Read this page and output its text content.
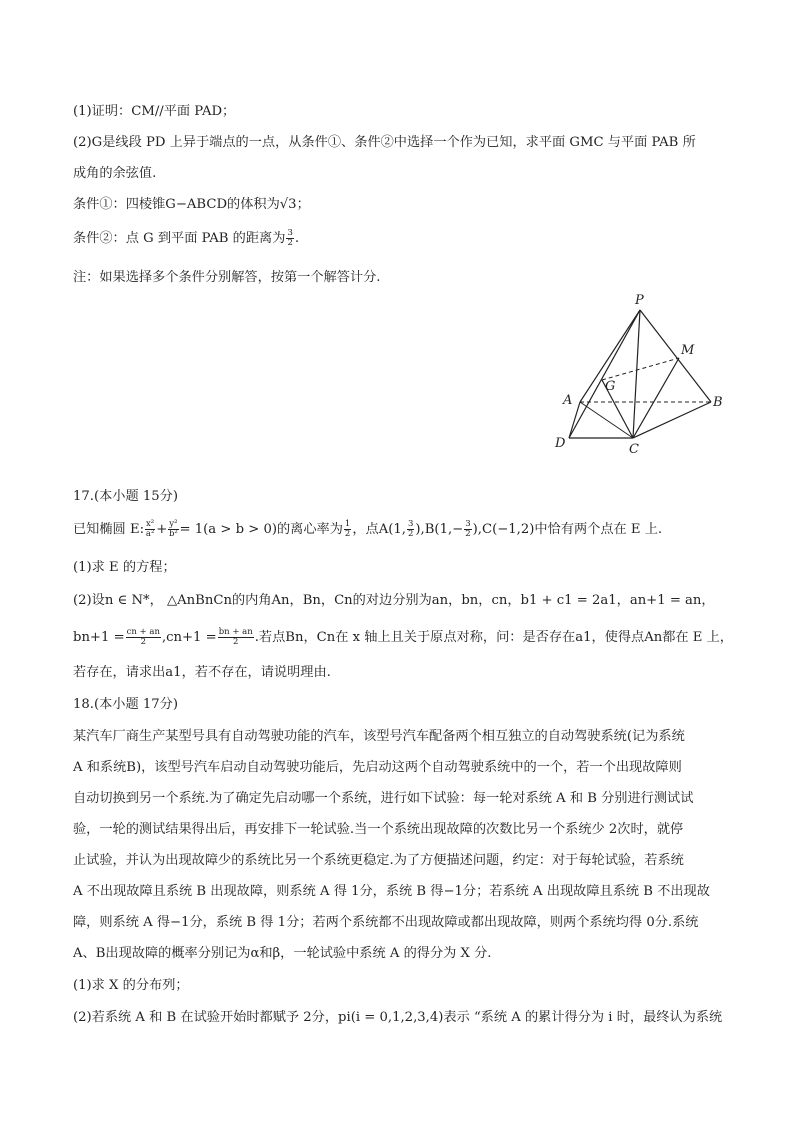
(1)证明：CM//平面 PAD；
(2)G是线段 PD 上异于端点的一点，从条件①、条件②中选择一个作为已知，求平面 GMC 与平面 PAB 所
成角的余弦值.
条件①：四棱锥G−ABCD的体积为√3；
条件②：点 G 到平面 PAB 的距离为 $\frac{3}{2}$ .
注：如果选择多个条件分别解答，按第一个解答计分.
P
M
G
A	B
D	C
17.(本小题 15分)
已知椭圆 E: $\frac{\text{x²}}{\text{a²}} + \frac{\text{y²}}{\text{b²}} = 1(a > b > 0)$的离心率为 $\frac{1}{2}$ ，点A(1, $\frac{3}{2} ),B(1,- \frac{3}{2} ),C(-1,2)$中恰有两个点在 E 上.
(1)求 E 的方程；
(2)设n ∈ N*， △AnBnCn的内角An，Bn，Cn的对边分别为an，bn，cn，b1 + c1 = 2a1，an+1 = an，
$bn+1 = \frac{cn + an}{2} ,cn+1 = \frac{bn + an}{2}$ .若点Bn，Cn在 x 轴上且关于原点对称，问：是否存在a1，使得点An都在 E 上，
若存在，请求出a1，若不存在，请说明理由.
18.(本小题 17分)
某汽车厂商生产某型号具有自动驾驶功能的汽车，该型号汽车配备两个相互独立的自动驾驶系统(记为系统
A 和系统B)，该型号汽车启动自动驾驶功能后，先启动这两个自动驾驶系统中的一个，若一个出现故障则
自动切换到另一个系统.为了确定先启动哪一个系统，进行如下试验：每一轮对系统 A 和 B 分别进行测试试
验，一轮的测试结果得出后，再安排下一轮试验.当一个系统出现故障的次数比另一个系统少 2次时，就停
止试验，并认为出现故障少的系统比另一个系统更稳定.为了方便描述问题，约定：对于每轮试验，若系统
A 不出现故障且系统 B 出现故障，则系统 A 得 1分，系统 B 得−1分；若系统 A 出现故障且系统 B 不出现故
障，则系统 A 得−1分，系统 B 得 1分；若两个系统都不出现故障或都出现故障，则两个系统均得 0分.系统
A、B出现故障的概率分别记为α和β，一轮试验中系统 A 的得分为 X 分.
(1)求 X 的分布列；
(2)若系统 A 和 B 在试验开始时都赋予 2分，pi(i = 0,1,2,3,4)表示 “系统 A 的累计得分为 i 时，最终认为系统
